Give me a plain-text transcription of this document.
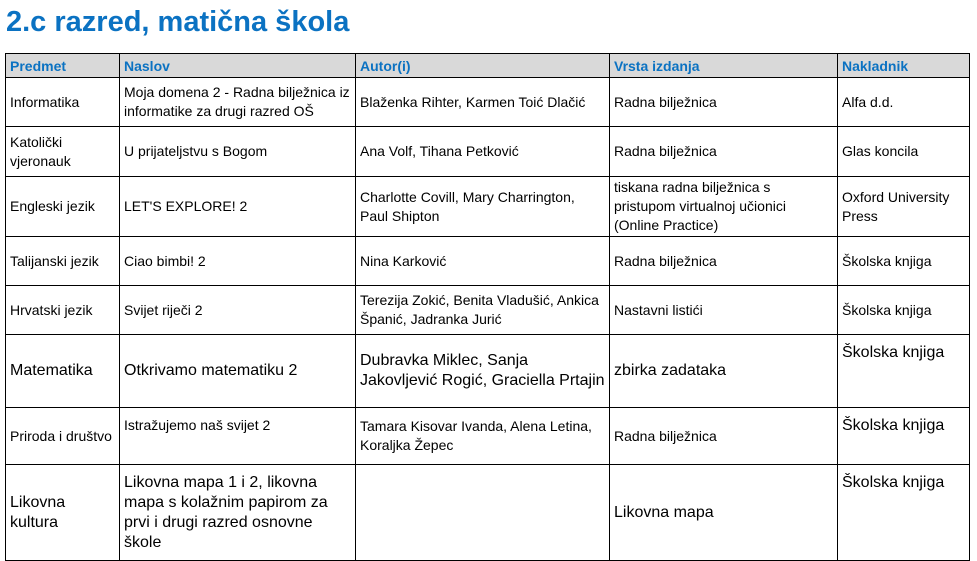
2.c razred, matična škola
Predmet	Naslov	Autor(i)	Vrsta izdanja	Nakladnik
Informatika	Moja domena 2 - Radna bilježnica iz informatike za drugi razred OŠ	Blaženka Rihter, Karmen Toić Dlačić	Radna bilježnica	Alfa d.d.
Katolički vjeronauk	U prijateljstvu s Bogom	Ana Volf, Tihana Petković	Radna bilježnica	Glas koncila
Engleski jezik	LET'S EXPLORE! 2	Charlotte Covill, Mary Charrington, Paul Shipton	tiskana radna bilježnica s pristupom virtualnoj učionici (Online Practice)	Oxford University Press
Talijanski jezik	Ciao bimbi! 2	Nina Karković	Radna bilježnica	Školska knjiga
Hrvatski jezik	Svijet riječi 2	Terezija Zokić, Benita Vladušić, Ankica Španić, Jadranka Jurić	Nastavni listići	Školska knjiga
Matematika	Otkrivamo matematiku 2	Dubravka Miklec, Sanja Jakovljević Rogić, Graciella Prtajin	zbirka zadataka	Školska knjiga
Priroda i društvo	Istražujemo naš svijet 2	Tamara Kisovar Ivanda, Alena Letina, Koraljka Žepec	Radna bilježnica	Školska knjiga
Likovna kultura	Likovna mapa 1 i 2, likovna mapa s kolažnim papirom za prvi i drugi razred osnovne škole		Likovna mapa	Školska knjiga
